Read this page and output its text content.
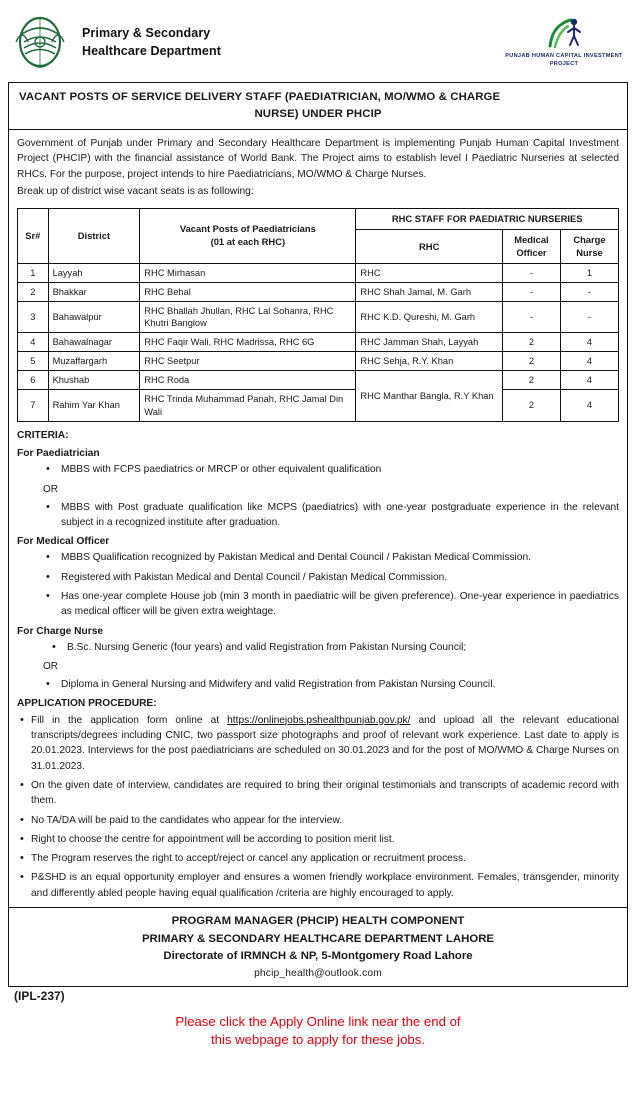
Primary & Secondary
Healthcare Department	PUNJAB HUMAN CAPITAL INVESTMENT PROJECT
VACANT POSTS OF SERVICE DELIVERY STAFF (PAEDIATRICIAN, MO/WMO & CHARGE
NURSE) UNDER PHCIP

Government of Punjab under Primary and Secondary Healthcare Department is implementing Punjab Human Capital Investment Project (PHCIP) with the financial assistance of World Bank. The Project aims to establish level I Paediatric Nurseries at selected RHCs. For the purpose, project intends to hire Paediatricians, MO/WMO & Charge Nurses.

Break up of district wise vacant seats is as following:

Sr#	District	Vacant Posts of Paediatricians
(01 at each RHC)	RHC STAFF FOR PAEDIATRIC NURSERIES		
RHC	
Medical
Officer

Charge
Nurse

1	Layyah	RHC Mirhasan	RHC	-	1
2	Bhakkar	RHC Behal	RHC Shah Jamal, M. Garh	-	-
3	Bahawalpur	RHC Bhallah Jhullan, RHC Lal Sohanra, RHC Khutri Banglow	RHC K.D. Qureshi, M. Garh	-	-
4	Bahawalnagar	RHC Faqir Wali, RHC Madrissa, RHC 6G	RHC Jamman Shah, Layyah	2	4
5	Muzaffargarh	RHC Seetpur	RHC Sehja, R.Y. Khan	2	4
6	Khushab	RHC Roda	RHC Manthar Bangla, R.Y Khan	2	4
7	Rahim Yar Khan	RHC Trinda Muhammad Panah, RHC Jamal Din Wali		2	4
CRITERIA:
For Paediatrician
• MBBS with FCPS paediatrics or MRCP or other equivalent qualification
OR
• MBBS with Post graduate qualification like MCPS (paediatrics) with one-year postgraduate experience in the relevant subject in a recognized institute after graduation.
For Medical Officer
• MBBS Qualification recognized by Pakistan Medical and Dental Council / Pakistan Medical Commission.
• Registered with Pakistan Medical and Dental Council / Pakistan Medical Commission.
• Has one-year complete House job (min 3 month in paediatric will be given preference). One-year experience in paediatrics as medical officer will be given extra weightage.
For Charge Nurse
• B.Sc. Nursing Generic (four years) and valid Registration from Pakistan Nursing Council;
OR
• Diploma in General Nursing and Midwifery and valid Registration from Pakistan Nursing Council.
APPLICATION PROCEDURE:
• Fill in the application form online at https://onlinejobs.pshealthpunjab.gov.pk/ and upload all the relevant educational transcripts/degrees including CNIC, two passport size photographs and proof of relevant work experience. Last date to apply is 20.01.2023. Interviews for the post paediatricians are scheduled on 30.01.2023 and for the post of MO/WMO & Charge Nurses on 31.01.2023.
• On the given date of interview, candidates are required to bring their original testimonials and transcripts of academic record with them.
• No TA/DA will be paid to the candidates who appear for the interview.
• Right to choose the centre for appointment will be according to position merit list.
• The Program reserves the right to accept/reject or cancel any application or recruitment process.
• P&SHD is an equal opportunity employer and ensures a women friendly workplace environment. Females, transgender, minority and differently abled people having equal qualification /criteria are highly encouraged to apply.
PROGRAM MANAGER (PHCIP) HEALTH COMPONENT
PRIMARY & SECONDARY HEALTHCARE DEPARTMENT LAHORE
Directorate of IRMNCH & NP, 5-Montgomery Road Lahore
phcip_health@outlook.com
(IPL-237)
Please click the Apply Online link near the end of
this webpage to apply for these jobs.
